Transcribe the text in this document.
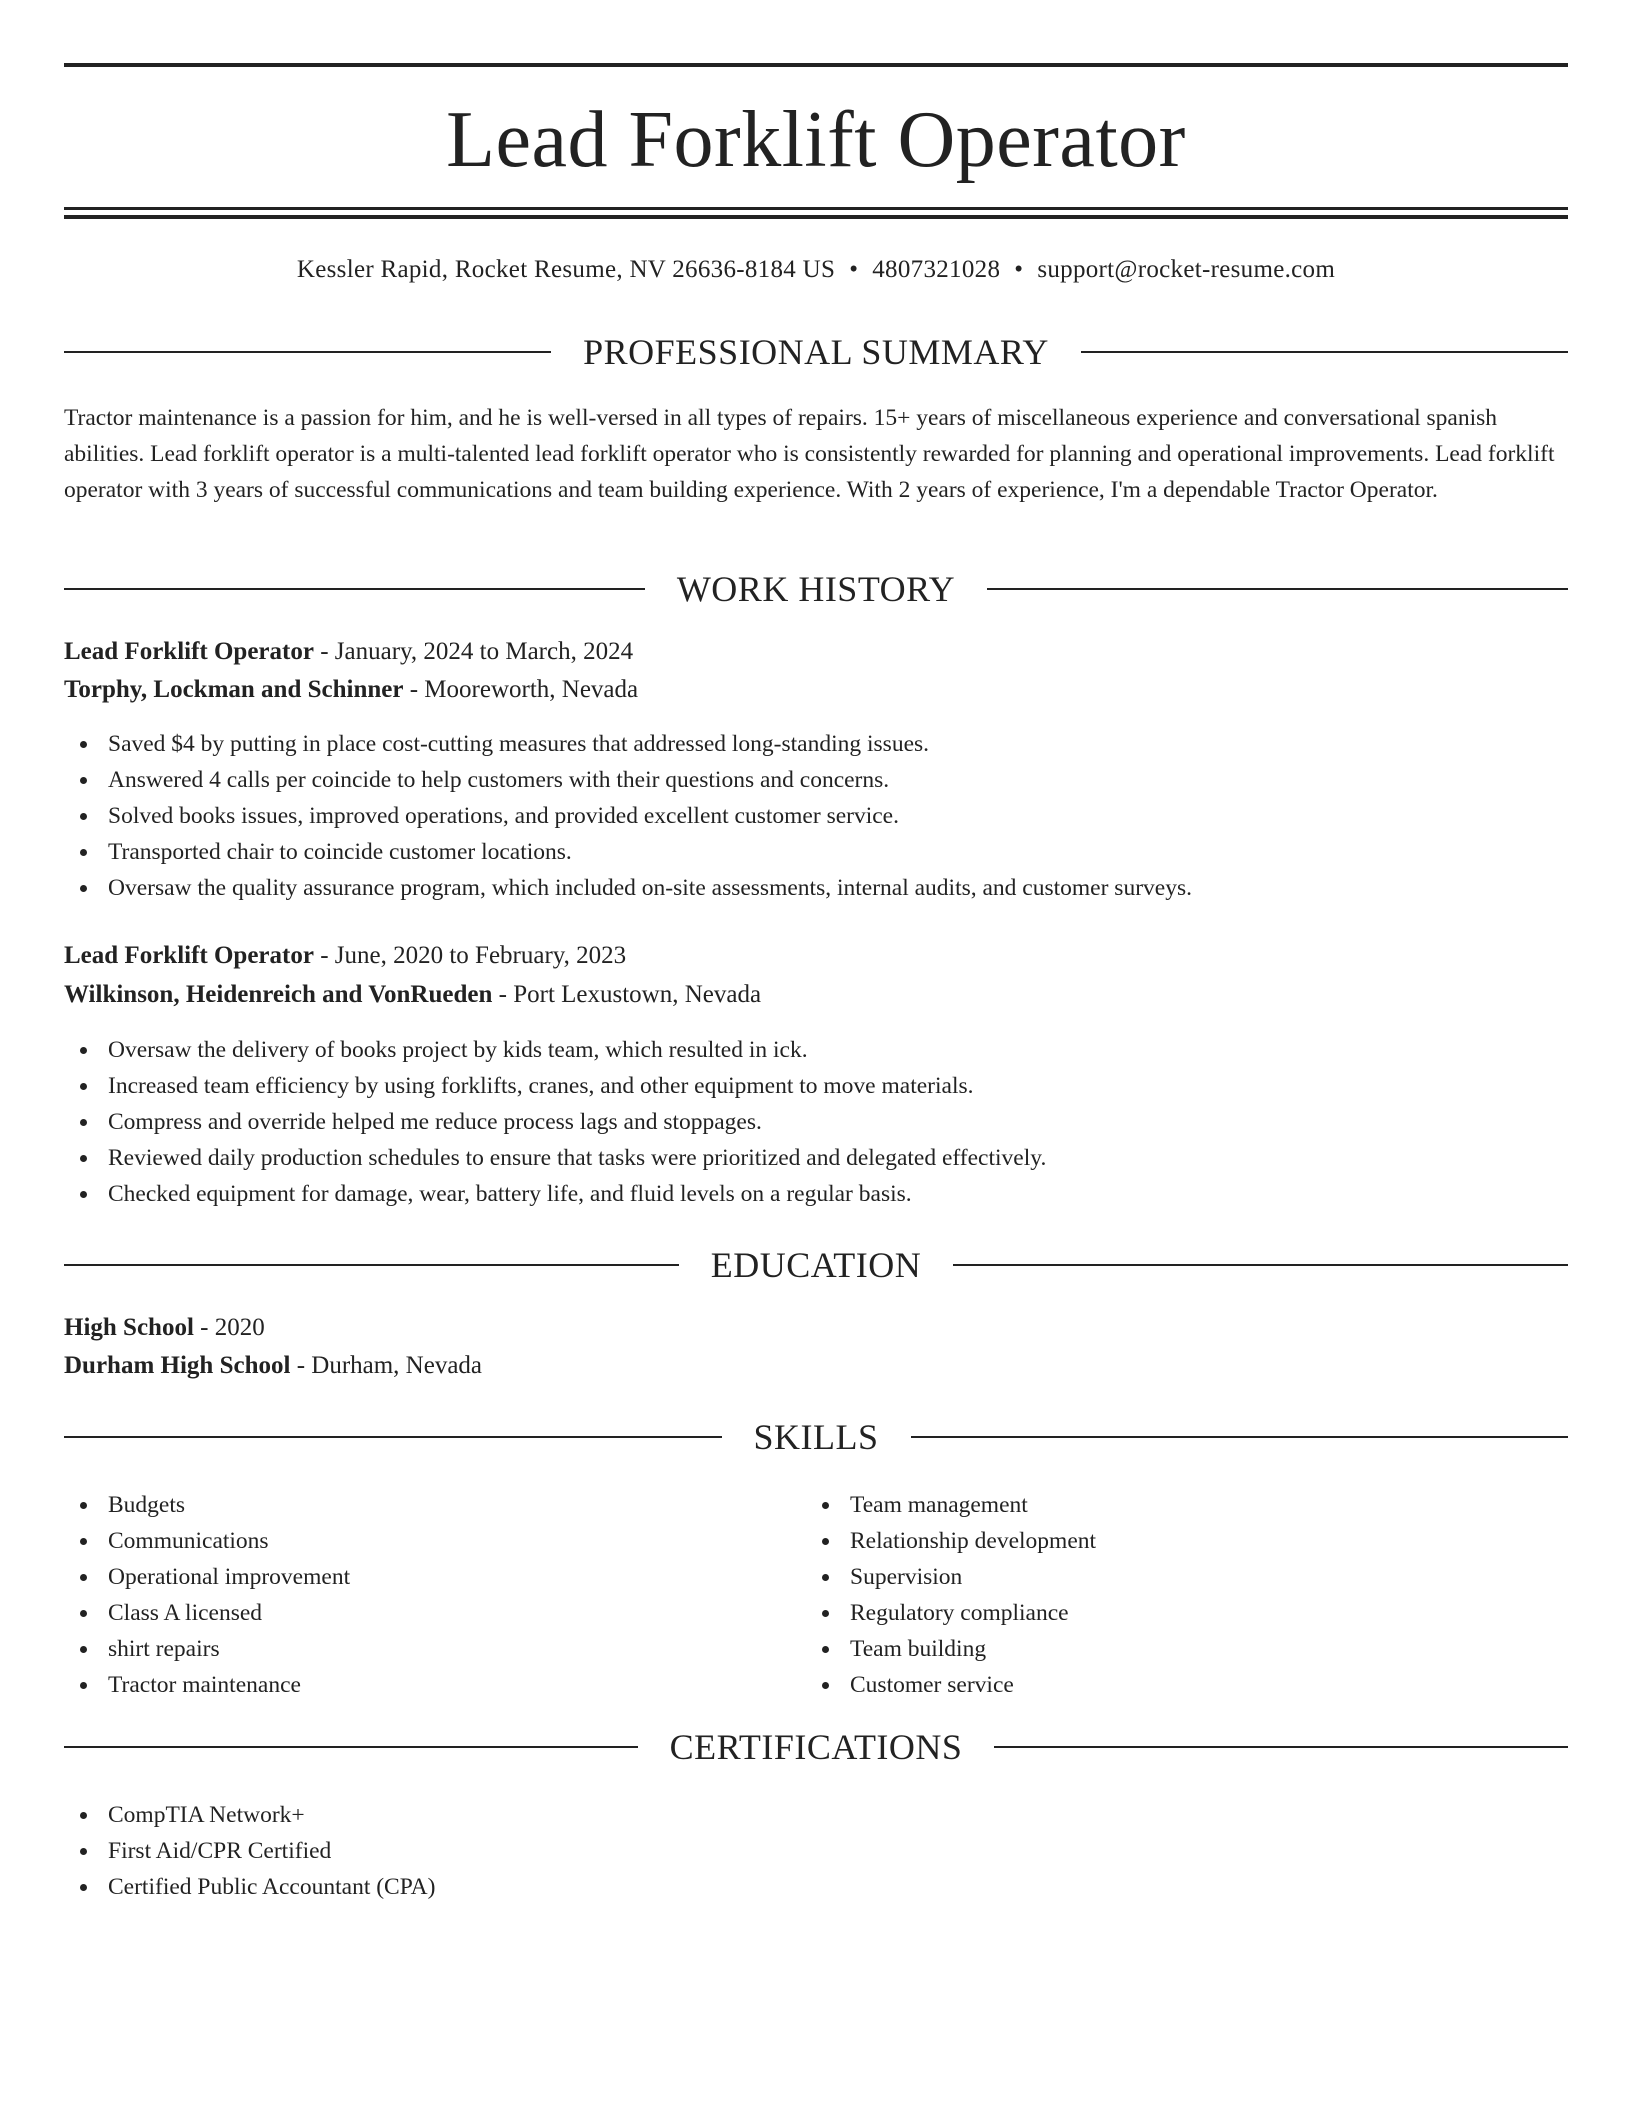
Lead Forklift Operator
Kessler Rapid, Rocket Resume, NV 26636-8184 US • 4807321028 • support@rocket-resume.com
PROFESSIONAL SUMMARY

Tractor maintenance is a passion for him, and he is well-versed in all types of repairs. 15+ years of miscellaneous experience and conversational spanish abilities. Lead forklift operator is a multi-talented lead forklift operator who is consistently rewarded for planning and operational improvements. Lead forklift operator with 3 years of successful communications and team building experience. With 2 years of experience, I'm a dependable Tractor Operator.

WORK HISTORY
Lead Forklift Operator - January, 2024 to March, 2024
Torphy, Lockman and Schinner - Mooreworth, Nevada
Saved $4 by putting in place cost-cutting measures that addressed long-standing issues.
Answered 4 calls per coincide to help customers with their questions and concerns.
Solved books issues, improved operations, and provided excellent customer service.
Transported chair to coincide customer locations.
Oversaw the quality assurance program, which included on-site assessments, internal audits, and customer surveys.
Lead Forklift Operator - June, 2020 to February, 2023
Wilkinson, Heidenreich and VonRueden - Port Lexustown, Nevada
Oversaw the delivery of books project by kids team, which resulted in ick.
Increased team efficiency by using forklifts, cranes, and other equipment to move materials.
Compress and override helped me reduce process lags and stoppages.
Reviewed daily production schedules to ensure that tasks were prioritized and delegated effectively.
Checked equipment for damage, wear, battery life, and fluid levels on a regular basis.
EDUCATION
High School - 2020
Durham High School - Durham, Nevada
SKILLS
Budgets
Communications
Operational improvement
Class A licensed
shirt repairs
Tractor maintenance
Team management
Relationship development
Supervision
Regulatory compliance
Team building
Customer service
CERTIFICATIONS
CompTIA Network+
First Aid/CPR Certified
Certified Public Accountant (CPA)
